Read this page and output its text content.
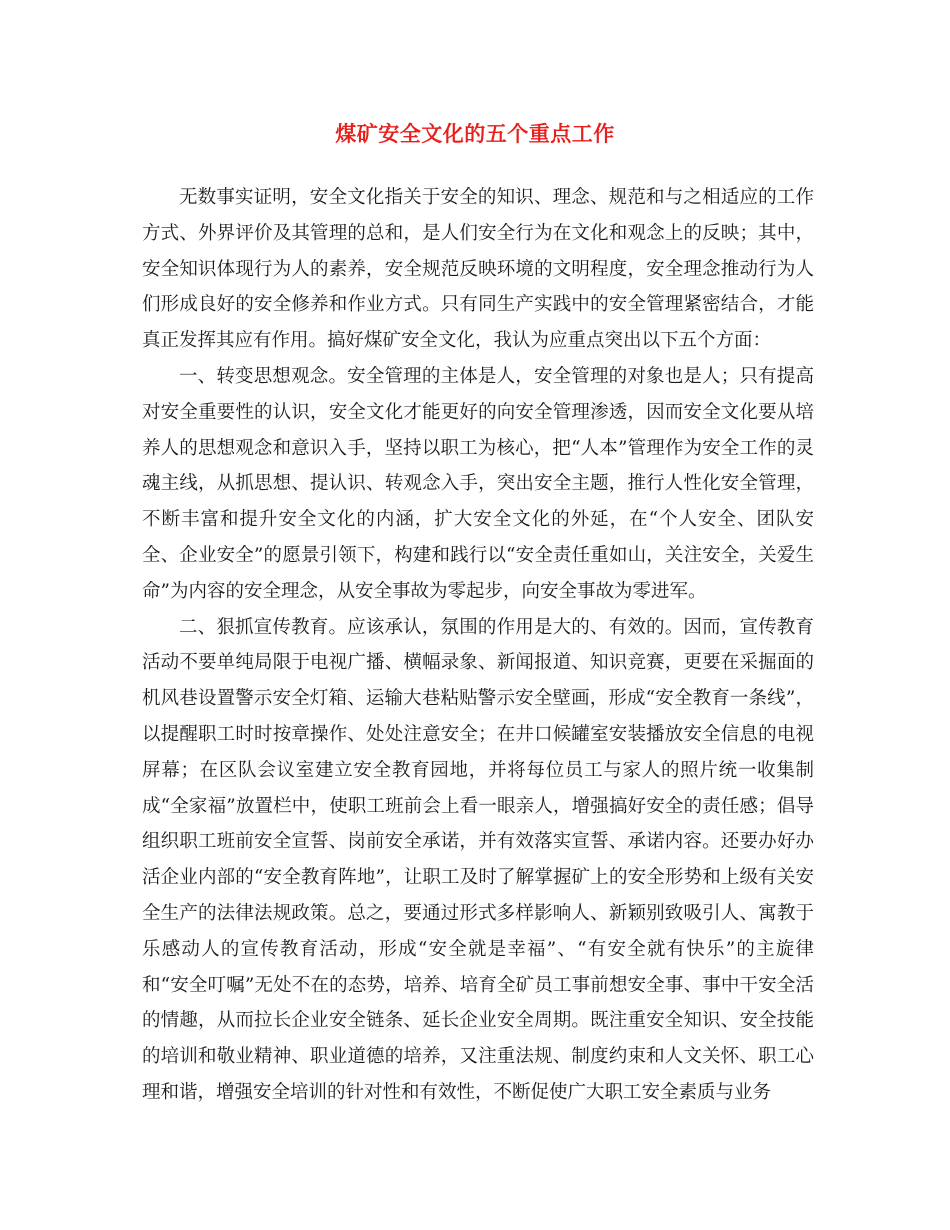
煤矿安全文化的五个重点工作

无数事实证明，安全文化指关于安全的知识、理念、规范和与之相适应的工作方式、外界评价及其管理的总和，是人们安全行为在文化和观念上的反映；其中，安全知识体现行为人的素养，安全规范反映环境的文明程度，安全理念推动行为人们形成良好的安全修养和作业方式。只有同生产实践中的安全管理紧密结合，才能真正发挥其应有作用。搞好煤矿安全文化，我认为应重点突出以下五个方面：

一、转变思想观念。安全管理的主体是人，安全管理的对象也是人；只有提高对安全重要性的认识，安全文化才能更好的向安全管理渗透，因而安全文化要从培养人的思想观念和意识入手，坚持以职工为核心，把“人本”管理作为安全工作的灵魂主线，从抓思想、提认识、转观念入手，突出安全主题，推行人性化安全管理，不断丰富和提升安全文化的内涵，扩大安全文化的外延，在“个人安全、团队安全、企业安全”的愿景引领下，构建和践行以“安全责任重如山，关注安全，关爱生命”为内容的安全理念，从安全事故为零起步，向安全事故为零进军。

二、狠抓宣传教育。应该承认，氛围的作用是大的、有效的。因而，宣传教育活动不要单纯局限于电视广播、横幅录象、新闻报道、知识竞赛，更要在采掘面的机风巷设置警示安全灯箱、运输大巷粘贴警示安全壁画，形成“安全教育一条线”，以提醒职工时时按章操作、处处注意安全；在井口候罐室安装播放安全信息的电视屏幕；在区队会议室建立安全教育园地，并将每位员工与家人的照片统一收集制成“全家福”放置栏中，使职工班前会上看一眼亲人，增强搞好安全的责任感；倡导组织职工班前安全宣誓、岗前安全承诺，并有效落实宣誓、承诺内容。还要办好办活企业内部的“安全教育阵地”，让职工及时了解掌握矿上的安全形势和上级有关安全生产的法律法规政策。总之，要通过形式多样影响人、新颖别致吸引人、寓教于乐感动人的宣传教育活动，形成“安全就是幸福”、“有安全就有快乐”的主旋律和“安全叮嘱”无处不在的态势，培养、培育全矿员工事前想安全事、事中干安全活的情趣，从而拉长企业安全链条、延长企业安全周期。既注重安全知识、安全技能的培训和敬业精神、职业道德的培养，又注重法规、制度约束和人文关怀、职工心理和谐，增强安全培训的针对性和有效性，不断促使广大职工安全素质与业务
